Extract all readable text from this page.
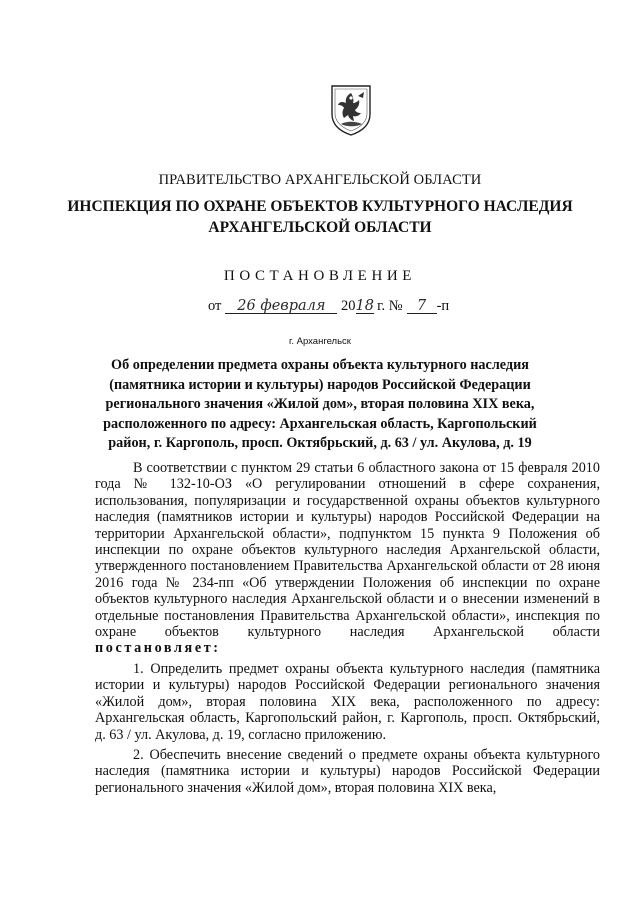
ПРАВИТЕЛЬСТВО АРХАНГЕЛЬСКОЙ ОБЛАСТИ
ИНСПЕКЦИЯ ПО ОХРАНЕ ОБЪЕКТОВ КУЛЬТУРНОГО НАСЛЕДИЯ
АРХАНГЕЛЬСКОЙ ОБЛАСТИ
ПОСТАНОВЛЕНИЕ
от 26 февраля 2018 г. № 7 -п
г. Архангельск
Об определении предмета охраны объекта культурного наследия
(памятника истории и культуры) народов Российской Федерации
регионального значения «Жилой дом», вторая половина XIX века,
расположенного по адресу: Архангельская область, Каргопольский
район, г. Каргополь, просп. Октябрьский, д. 63 / ул. Акулова, д. 19

В соответствии с пунктом 29 статьи 6 областного закона от 15 февраля 2010 года № 132-10-ОЗ «О регулировании отношений в сфере сохранения, использования, популяризации и государственной охраны объектов культурного наследия (памятников истории и культуры) народов Российской Федерации на территории Архангельской области», подпунктом 15 пункта 9 Положения об инспекции по охране объектов культурного наследия Архангельской области, утвержденного постановлением Правительства Архангельской области от 28 июня 2016 года № 234-пп «Об утверждении Положения об инспекции по охране объектов культурного наследия Архангельской области и о внесении изменений в отдельные постановления Правительства Архангельской области», инспекция по охране объектов культурного наследия Архангельской области постановляет:

1. Определить предмет охраны объекта культурного наследия (памятника истории и культуры) народов Российской Федерации регионального значения «Жилой дом», вторая половина XIX века, расположенного по адресу: Архангельская область, Каргопольский район, г. Каргополь, просп. Октябрьский, д. 63 / ул. Акулова, д. 19, согласно приложению.

2. Обеспечить внесение сведений о предмете охраны объекта культурного наследия (памятника истории и культуры) народов Российской Федерации регионального значения «Жилой дом», вторая половина XIX века,
